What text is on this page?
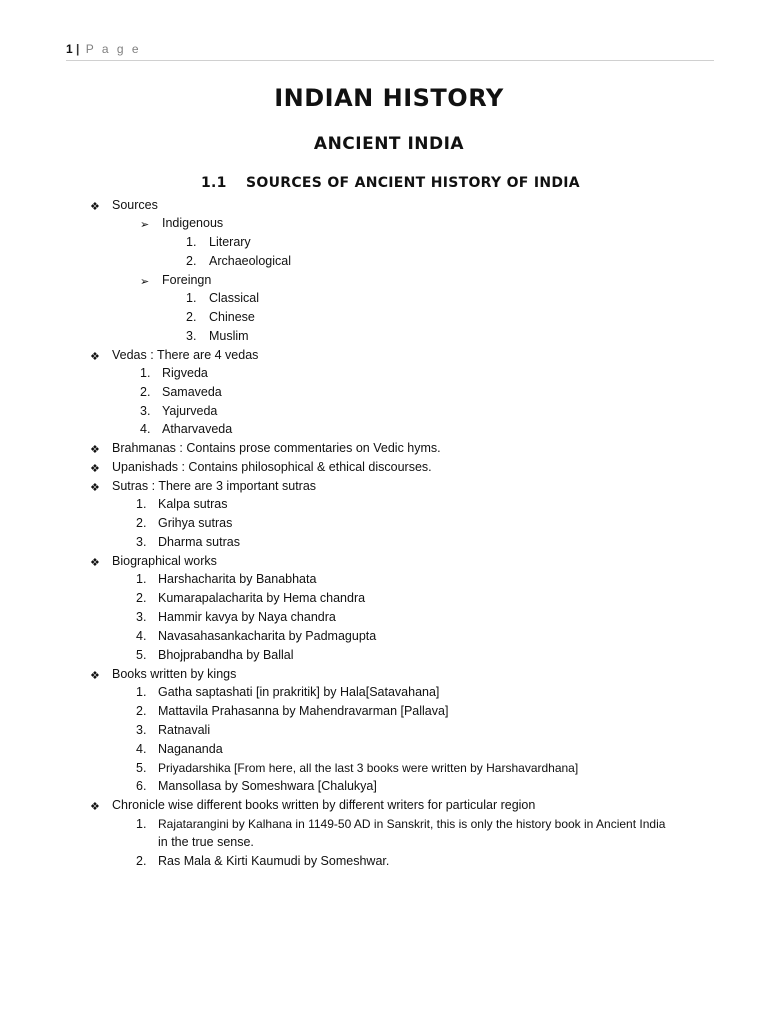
1 | P a g e
INDIAN HISTORY
ANCIENT INDIA
1.1 SOURCES OF ANCIENT HISTORY OF INDIA
❖ Sources
➢ Indigenous
1. Literary
2. Archaeological
➢ Foreingn
1. Classical
2. Chinese
3. Muslim
❖ Vedas : There are 4 vedas
1. Rigveda
2. Samaveda
3. Yajurveda
4. Atharvaveda
❖ Brahmanas : Contains prose commentaries on Vedic hyms.
❖ Upanishads : Contains philosophical & ethical discourses.
❖ Sutras : There are 3 important sutras
1. Kalpa sutras
2. Grihya sutras
3. Dharma sutras
❖ Biographical works
1. Harshacharita by Banabhata
2. Kumarapalacharita by Hema chandra
3. Hammir kavya by Naya chandra
4. Navasahasankacharita by Padmagupta
5. Bhojprabandha by Ballal
❖ Books written by kings
1. Gatha saptashati [in prakritik] by Hala[Satavahana]
2. Mattavila Prahasanna by Mahendravarman [Pallava]
3. Ratnavali
4. Nagananda
5. Priyadarshika [From here, all the last 3 books were written by Harshavardhana]
6. Mansollasa by Someshwara [Chalukya]
❖ Chronicle wise different books written by different writers for particular region
1. Rajatarangini by Kalhana in 1149-50 AD in Sanskrit, this is only the history book in Ancient India
in the true sense.
2. Ras Mala & Kirti Kaumudi by Someshwar.
